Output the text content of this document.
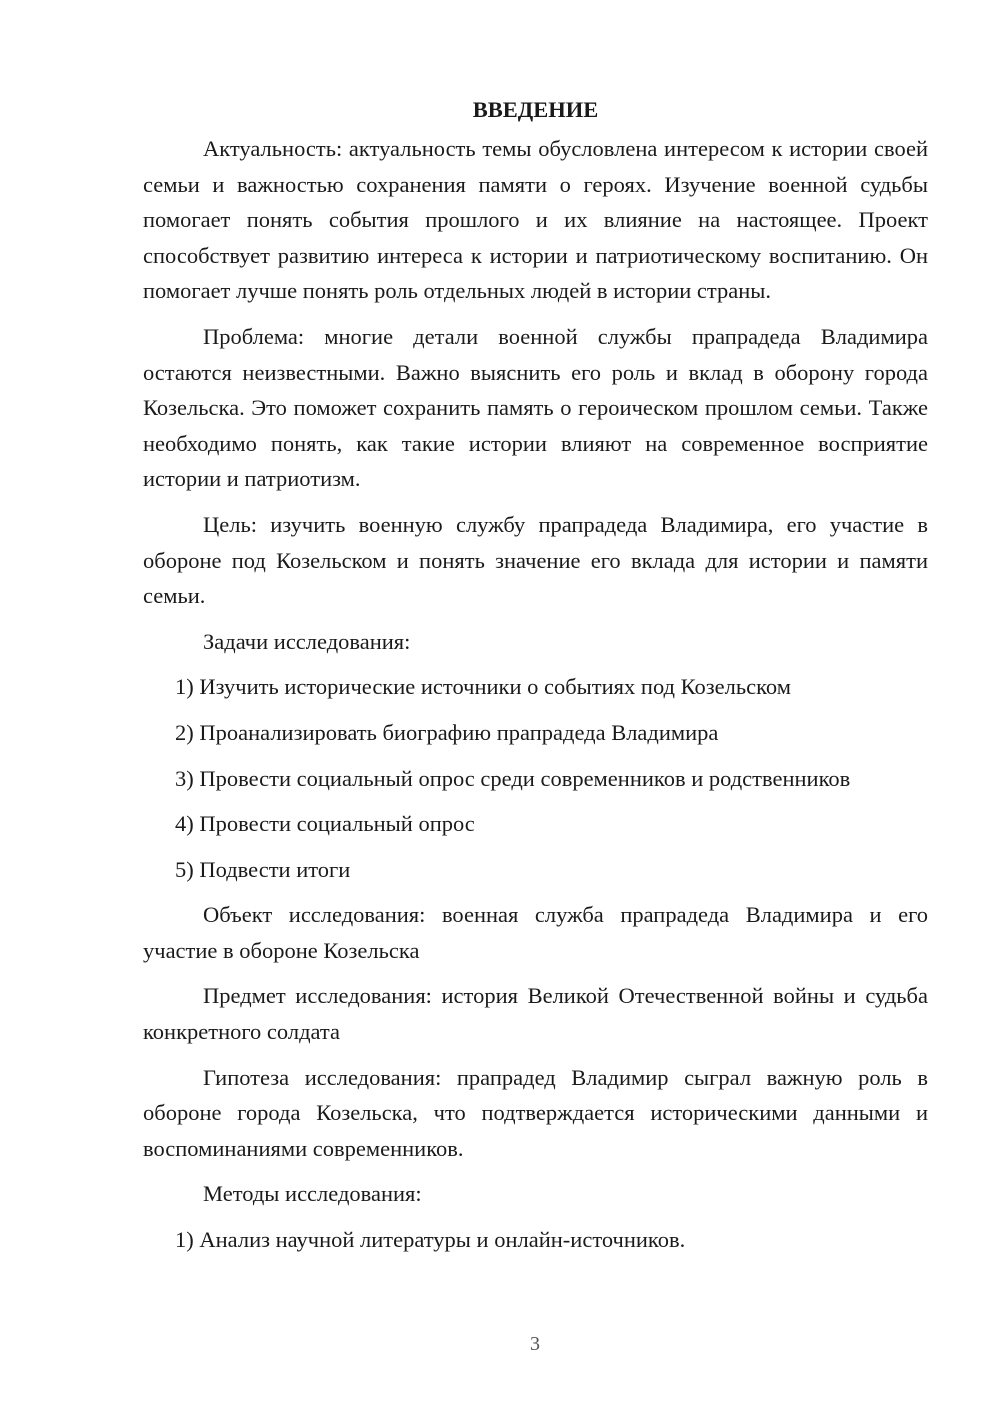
ВВЕДЕНИЕ

Актуальность: актуальность темы обусловлена интересом к истории своей семьи и важностью сохранения памяти о героях. Изучение военной судьбы помогает понять события прошлого и их влияние на настоящее. Проект способствует развитию интереса к истории и патриотическому воспитанию. Он помогает лучше понять роль отдельных людей в истории страны.

Проблема: многие детали военной службы прапрадеда Владимира остаются неизвестными. Важно выяснить его роль и вклад в оборону города Козельска. Это поможет сохранить память о героическом прошлом семьи. Также необходимо понять, как такие истории влияют на современное восприятие истории и патриотизм.

Цель: изучить военную службу прапрадеда Владимира, его участие в обороне под Козельском и понять значение его вклада для истории и памяти семьи.

Задачи исследования:

1) Изучить исторические источники о событиях под Козельском

2) Проанализировать биографию прапрадеда Владимира

3) Провести социальный опрос среди современников и родственников

4) Провести социальный опрос

5) Подвести итоги

Объект исследования: военная служба прапрадеда Владимира и его участие в обороне Козельска

Предмет исследования: история Великой Отечественной войны и судьба конкретного солдата

Гипотеза исследования: прапрадед Владимир сыграл важную роль в обороне города Козельска, что подтверждается историческими данными и воспоминаниями современников.

Методы исследования:

1) Анализ научной литературы и онлайн-источников.

3
